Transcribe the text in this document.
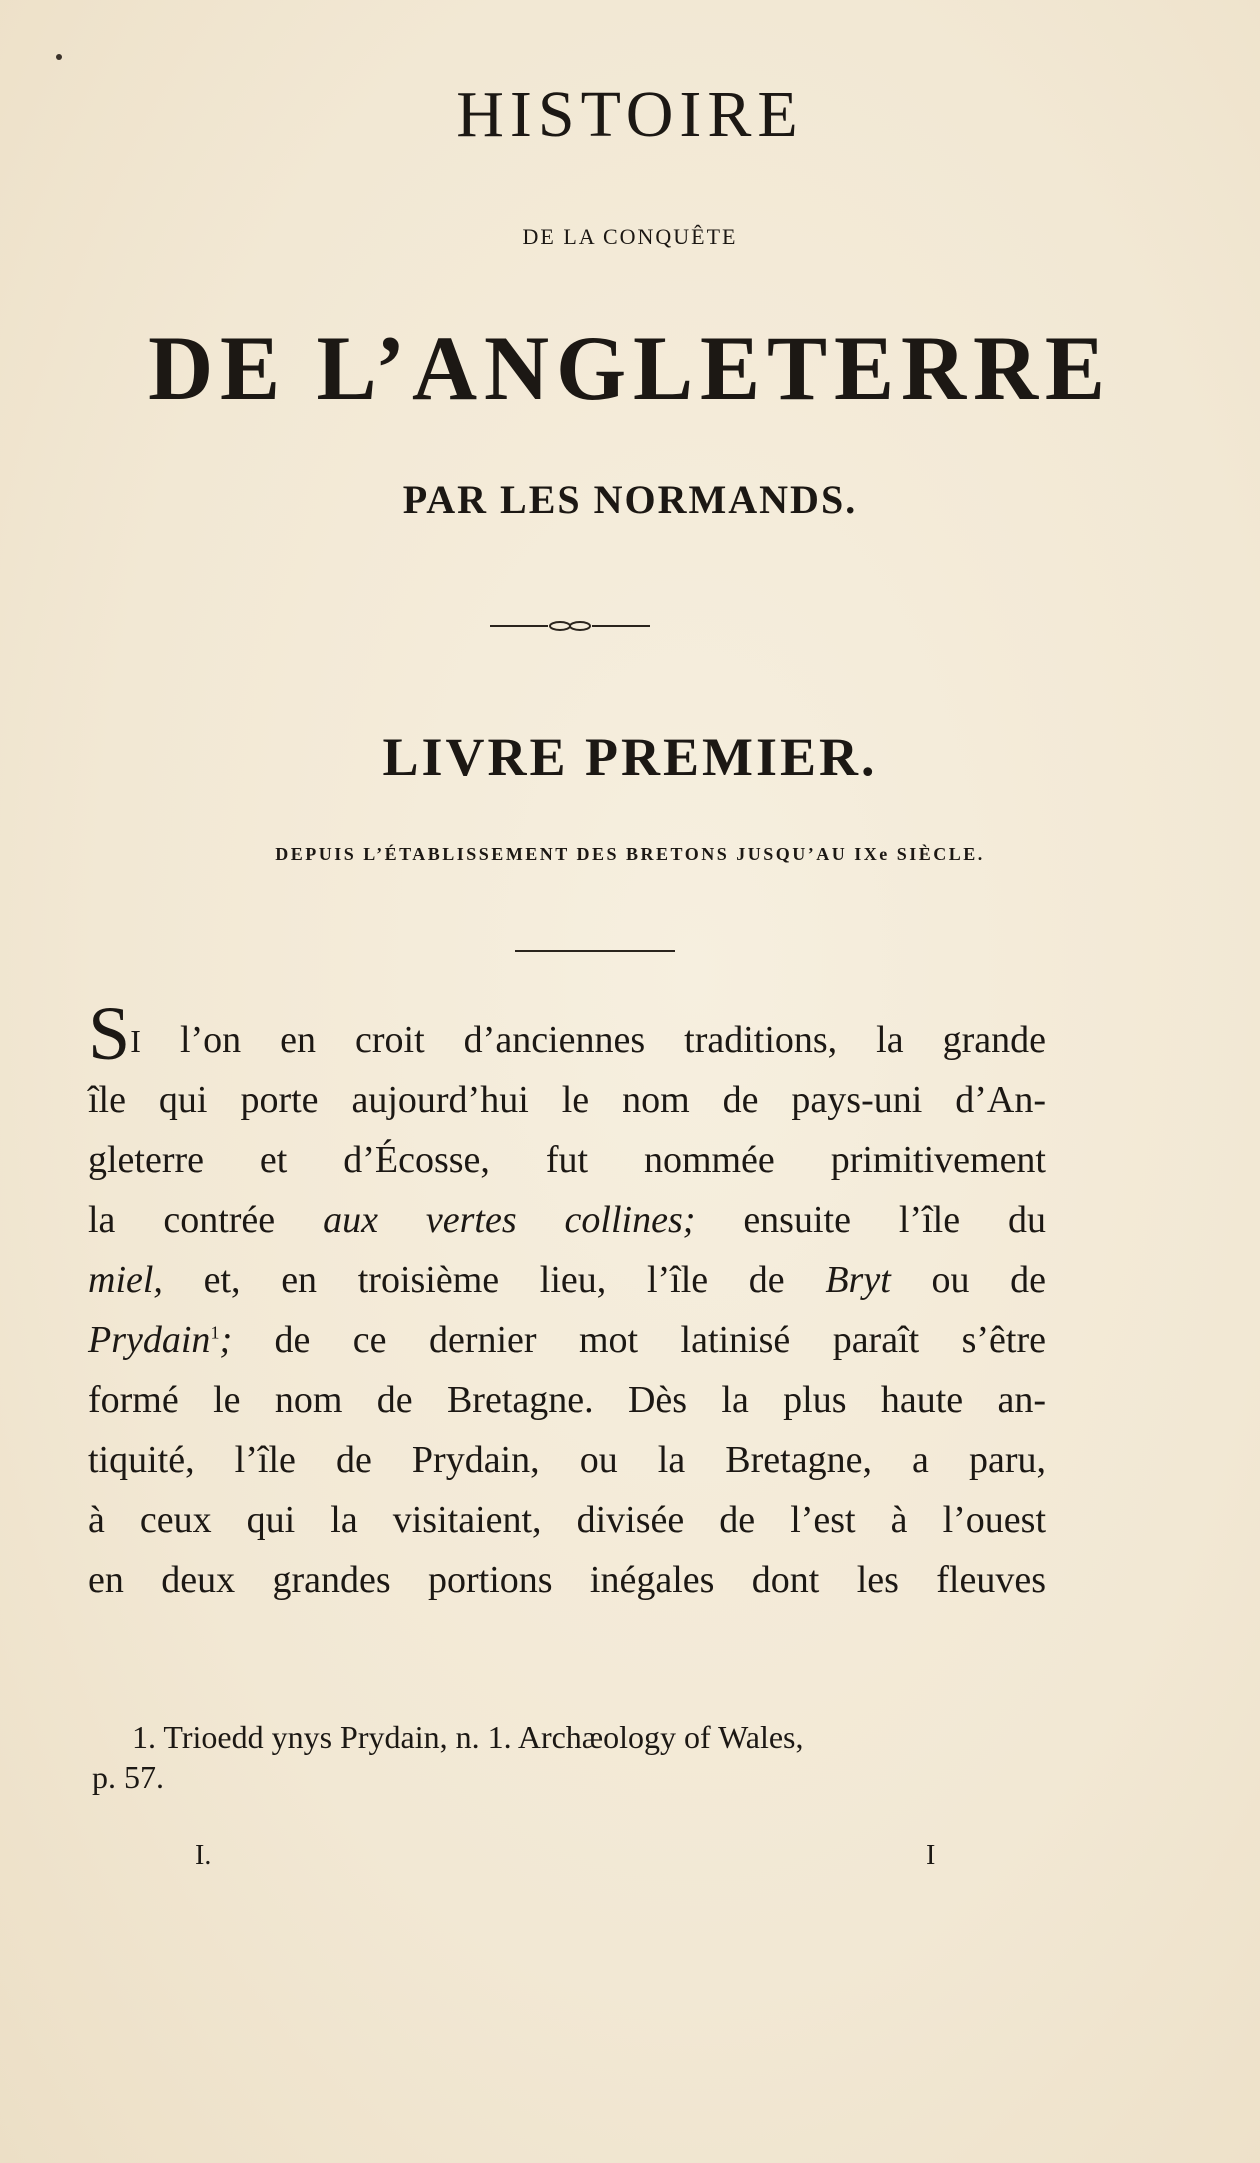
HISTOIRE
DE LA CONQUÊTE
DE L’ANGLETERRE
PAR LES NORMANDS.
LIVRE PREMIER.
DEPUIS L’ÉTABLISSEMENT DES BRETONS JUSQU’AU IXe SIÈCLE.
SI l’on en croit d’anciennes traditions, la grande
île qui porte aujourd’hui le nom de pays-uni d’An-
gleterre et d’Écosse, fut nommée primitivement
la contrée aux vertes collines; ensuite l’île du
miel, et, en troisième lieu, l’île de Bryt ou de
Prydain$^1$; de ce dernier mot latinisé paraît s’être
formé le nom de Bretagne. Dès la plus haute an-
tiquité, l’île de Prydain, ou la Bretagne, a paru,
à ceux qui la visitaient, divisée de l’est à l’ouest
en deux grandes portions inégales dont les fleuves
1. Trioedd ynys Prydain, n. 1. Archæology of Wales,
p. 57.
I.	I
